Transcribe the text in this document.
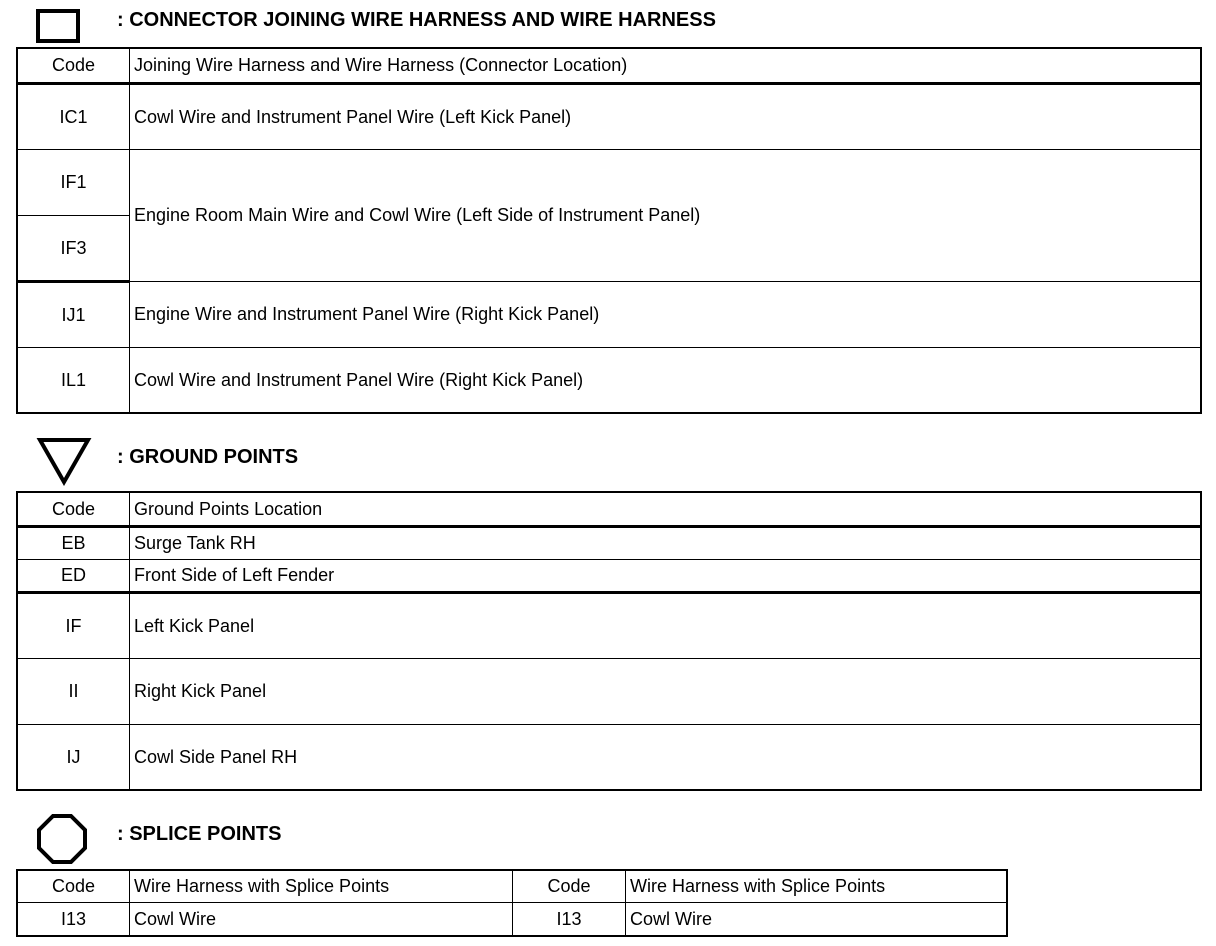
: CONNECTOR JOINING WIRE HARNESS AND WIRE HARNESS
Code	Joining Wire Harness and Wire Harness (Connector Location)
IC1	Cowl Wire and Instrument Panel Wire (Left Kick Panel)
IF1	Engine Room Main Wire and Cowl Wire (Left Side of Instrument Panel)
IF3	
IJ1	Engine Wire and Instrument Panel Wire (Right Kick Panel)
IL1	Cowl Wire and Instrument Panel Wire (Right Kick Panel)
: GROUND POINTS
Code	Ground Points Location
EB	Surge Tank RH
ED	Front Side of Left Fender
IF	Left Kick Panel
II	Right Kick Panel
IJ	Cowl Side Panel RH
: SPLICE POINTS
Code	Wire Harness with Splice Points	Code	Wire Harness with Splice Points
I13	Cowl Wire	I13	Cowl Wire
